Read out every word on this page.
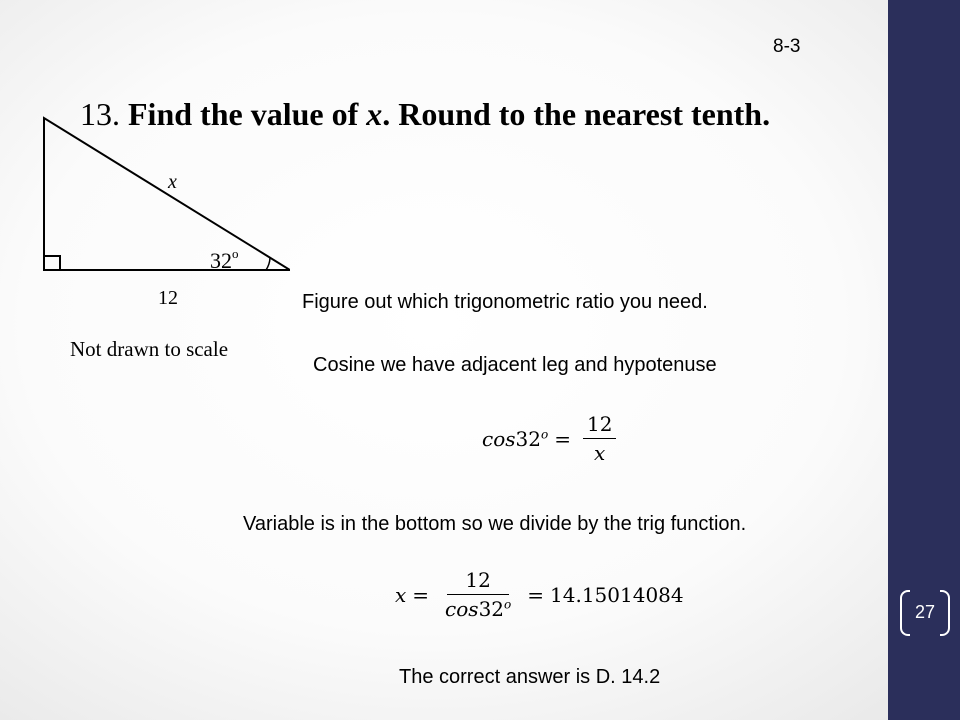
27
8-3
13. Find the value of x. Round to the nearest tenth.
x
32$^o$
12
Not drawn to scale
Figure out which trigonometric ratio you need.
Cosine we have adjacent leg and hypotenuse
$\cos 32^o = \frac{12}{x}$
Variable is in the bottom so we divide by the trig function.
$x = \frac{12}{\cos 32^o} = 14.15014084$
The correct answer is D. 14.2
